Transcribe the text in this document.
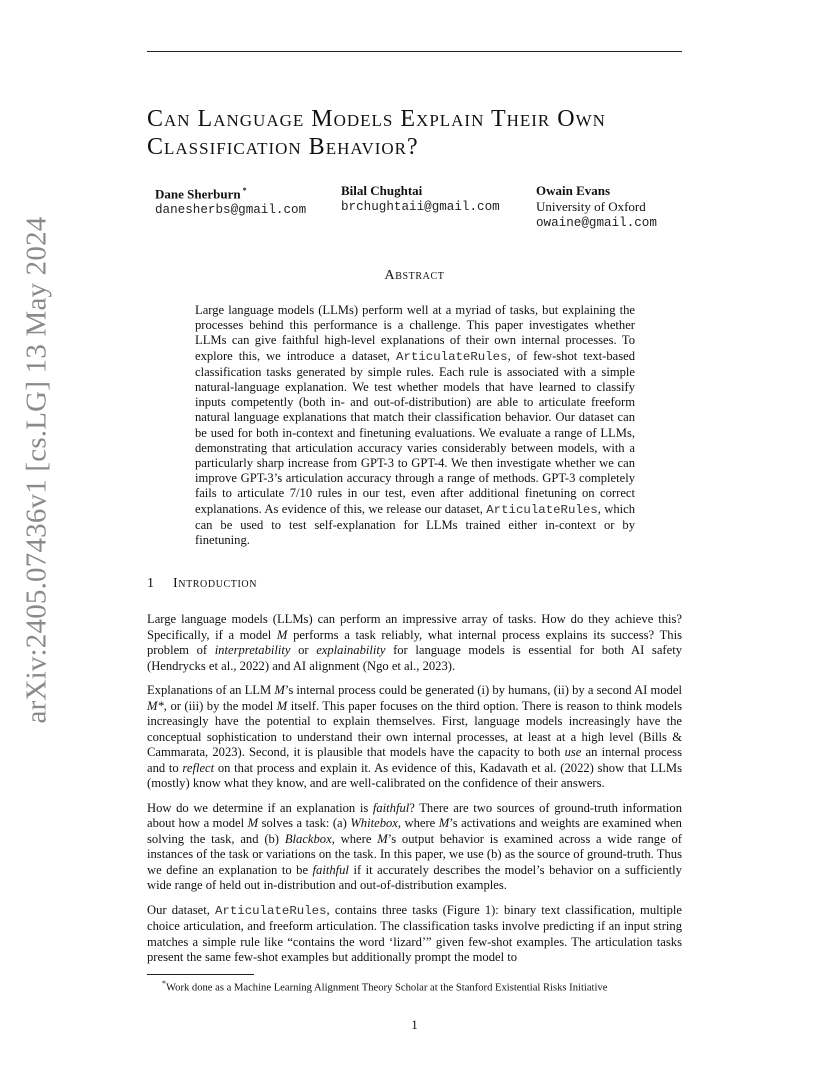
arXiv:2405.07436v1 [cs.LG] 13 May 2024
Can Language Models Explain Their Own
Classification Behavior?
Dane Sherburn *
danesherbs@gmail.com
Bilal Chughtai
brchughtaii@gmail.com
Owain Evans
University of Oxford
owaine@gmail.com
Abstract
Large language models (LLMs) perform well at a myriad of tasks, but explaining the processes behind this performance is a challenge. This paper investigates whether LLMs can give faithful high-level explanations of their own internal processes. To explore this, we introduce a dataset, ArticulateRules, of few-shot text-based classification tasks generated by simple rules. Each rule is associated with a simple natural-language explanation. We test whether models that have learned to classify inputs competently (both in- and out-of-distribution) are able to articulate freeform natural language explanations that match their classification behavior. Our dataset can be used for both in-context and finetuning evaluations. We evaluate a range of LLMs, demonstrating that articulation accuracy varies considerably between models, with a particularly sharp increase from GPT-3 to GPT-4. We then investigate whether we can improve GPT-3’s articulation accuracy through a range of methods. GPT-3 completely fails to articulate 7/10 rules in our test, even after additional finetuning on correct explanations. As evidence of this, we release our dataset, ArticulateRules, which can be used to test self-explanation for LLMs trained either in-context or by finetuning.
1 Introduction

Large language models (LLMs) can perform an impressive array of tasks. How do they achieve this? Specifically, if a model M performs a task reliably, what internal process explains its success? This problem of interpretability or explainability for language models is essential for both AI safety (Hendrycks et al., 2022) and AI alignment (Ngo et al., 2023).

Explanations of an LLM M’s internal process could be generated (i) by humans, (ii) by a second AI model M*, or (iii) by the model M itself. This paper focuses on the third option. There is reason to think models increasingly have the potential to explain themselves. First, language models increasingly have the conceptual sophistication to understand their own internal processes, at least at a high level (Bills & Cammarata, 2023). Second, it is plausible that models have the capacity to both use an internal process and to reflect on that process and explain it. As evidence of this, Kadavath et al. (2022) show that LLMs (mostly) know what they know, and are well-calibrated on the confidence of their answers.

How do we determine if an explanation is faithful? There are two sources of ground-truth information about how a model M solves a task: (a) Whitebox, where M’s activations and weights are examined when solving the task, and (b) Blackbox, where M’s output behavior is examined across a wide range of instances of the task or variations on the task. In this paper, we use (b) as the source of ground-truth. Thus we define an explanation to be faithful if it accurately describes the model’s behavior on a sufficiently wide range of held out in-distribution and out-of-distribution examples.

Our dataset, ArticulateRules, contains three tasks (Figure 1): binary text classification, multiple choice articulation, and freeform articulation. The classification tasks involve predicting if an input string matches a simple rule like “contains the word ‘lizard’” given few-shot examples. The articulation tasks present the same few-shot examples but additionally prompt the model to

*Work done as a Machine Learning Alignment Theory Scholar at the Stanford Existential Risks Initiative
1
